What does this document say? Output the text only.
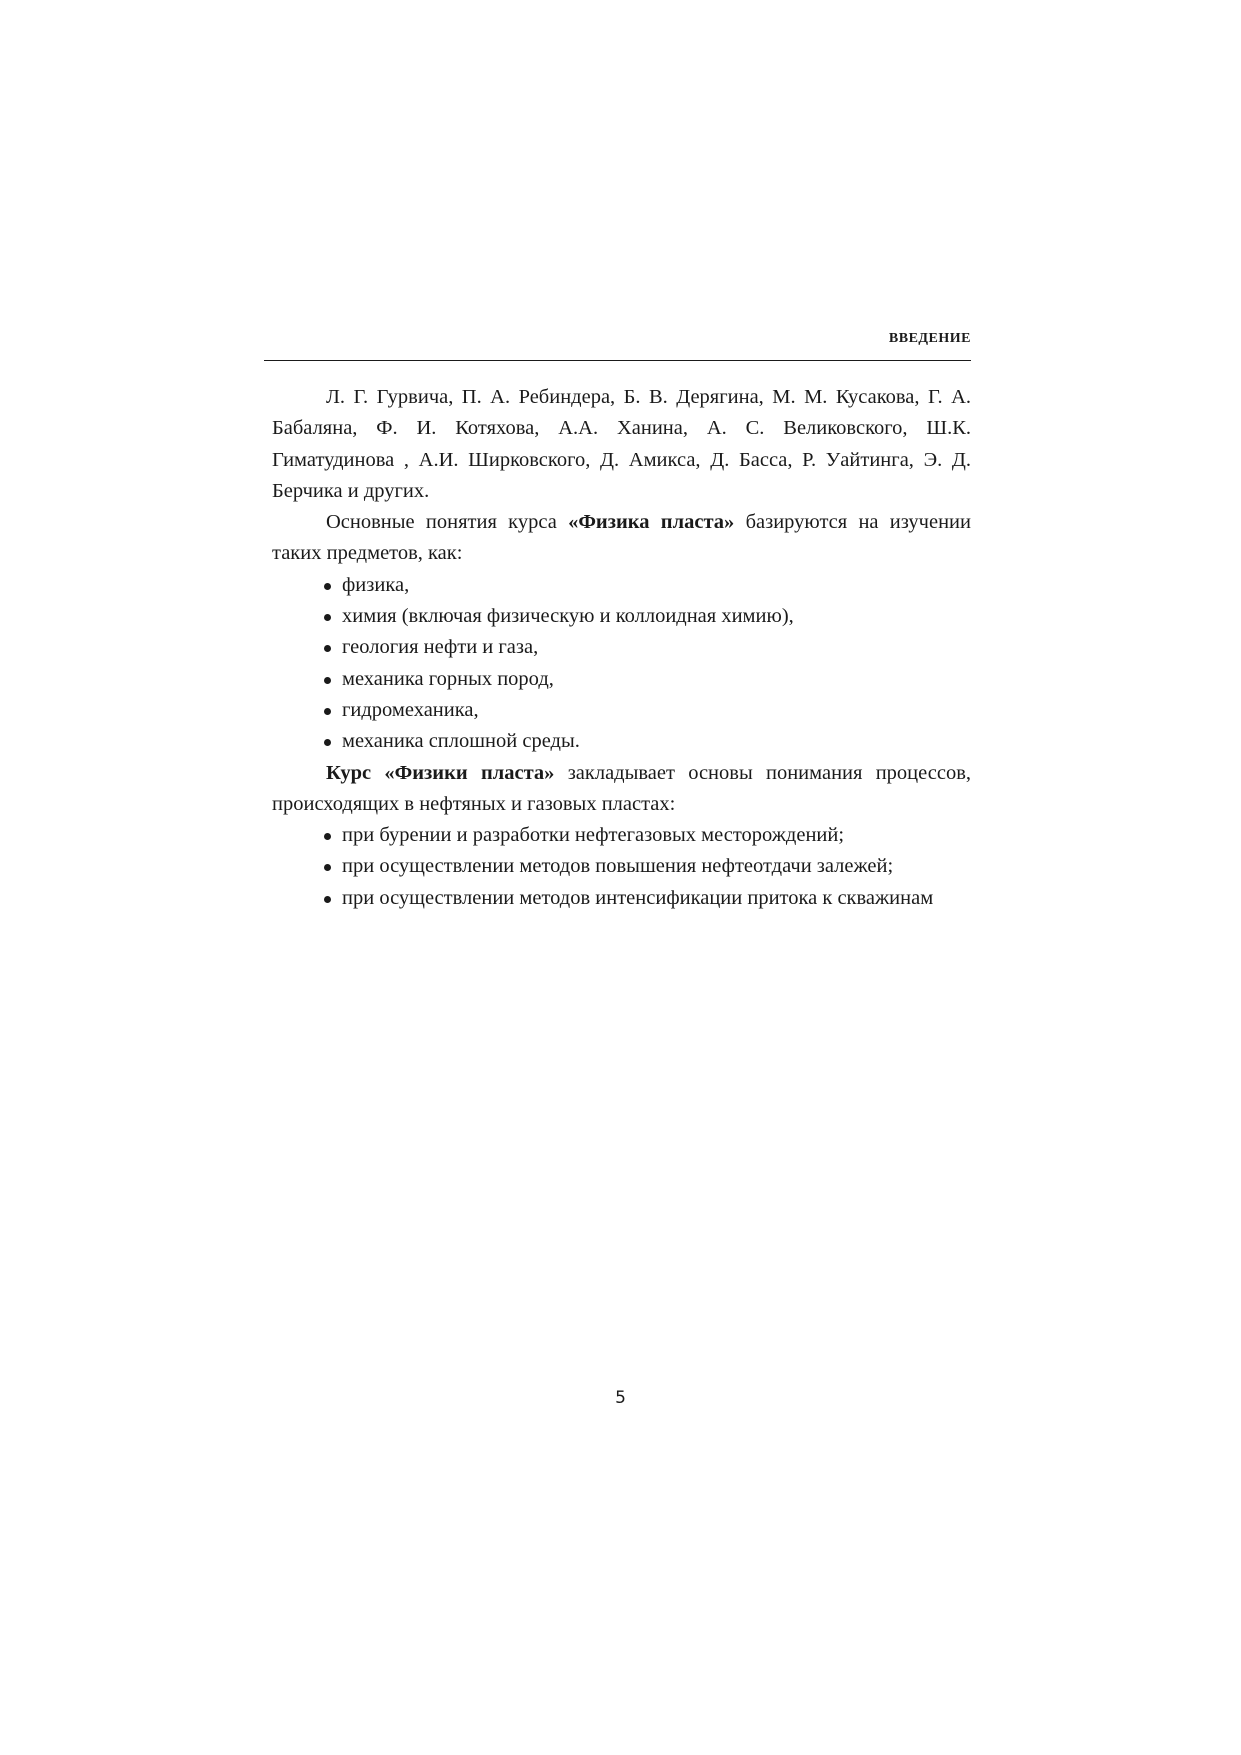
ВВЕДЕНИЕ

Л. Г. Гурвича, П. А. Ребиндера, Б. В. Дерягина, М. М. Кусакова, Г. А. Бабаляна, Ф. И. Котяхова, А.А. Ханина, А. С. Великовского, Ш.К. Гиматудинова , А.И. Ширковского, Д. Амикса, Д. Басса, Р. Уайтинга, Э. Д. Берчика и других.

Основные понятия курса «Физика пласта» базируются на изучении таких предметов, как:

физика,
химия (включая физическую и коллоидная химию),
геология нефти и газа,
механика горных пород,
гидромеханика,
механика сплошной среды.

Курс «Физики пласта» закладывает основы понимания процессов, происходящих в нефтяных и газовых пластах:

при бурении и разработки нефтегазовых месторождений;
при осуществлении методов повышения нефтеотдачи залежей;
при осуществлении методов интенсификации притока к скважинам
5
